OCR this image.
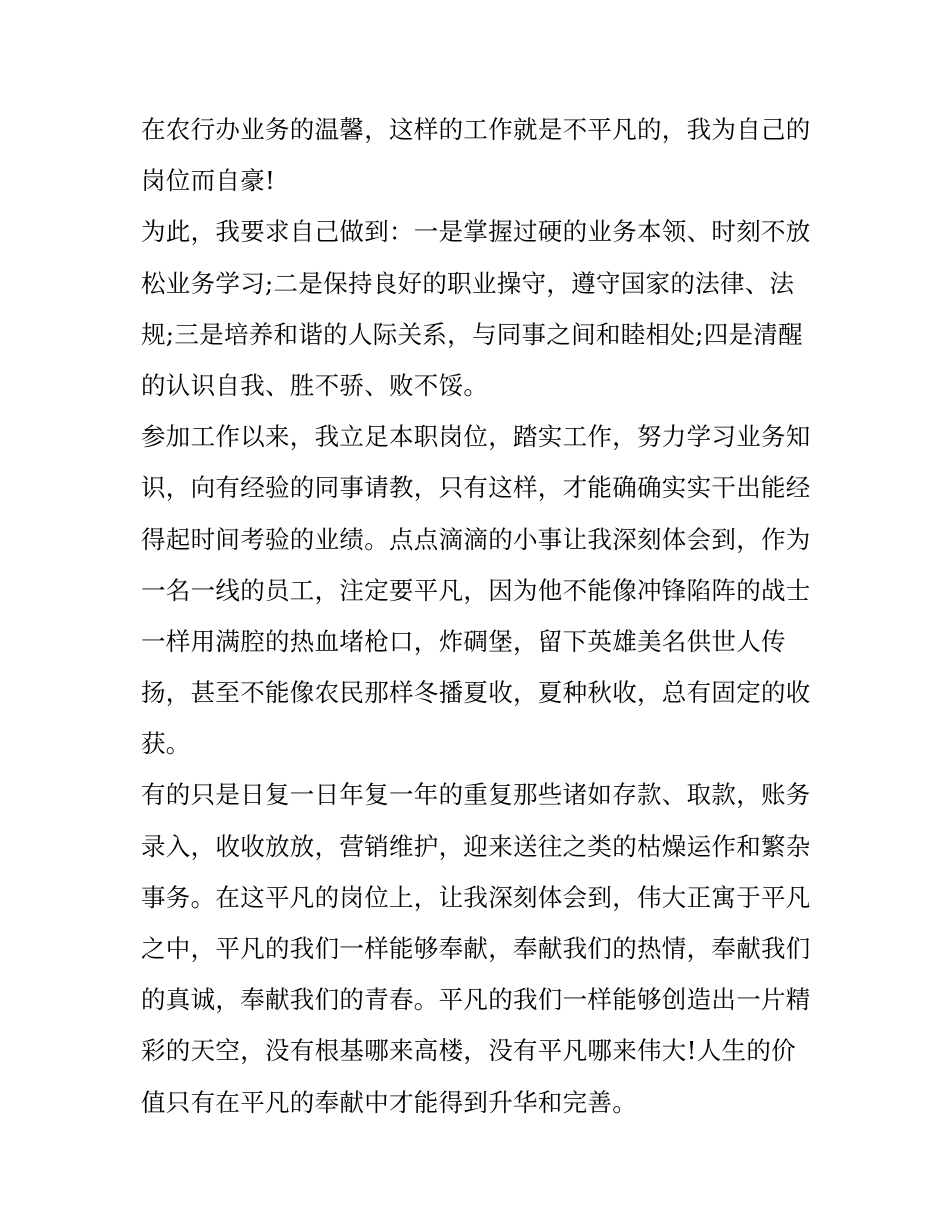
在农行办业务的温馨，这样的工作就是不平凡的，我为自己的
岗位而自豪!
为此，我要求自己做到：一是掌握过硬的业务本领、时刻不放
松业务学习;二是保持良好的职业操守，遵守国家的法律、法
规;三是培养和谐的人际关系，与同事之间和睦相处;四是清醒
的认识自我、胜不骄、败不馁。
参加工作以来，我立足本职岗位，踏实工作，努力学习业务知
识，向有经验的同事请教，只有这样，才能确确实实干出能经
得起时间考验的业绩。点点滴滴的小事让我深刻体会到，作为
一名一线的员工，注定要平凡，因为他不能像冲锋陷阵的战士
一样用满腔的热血堵枪口，炸碉堡，留下英雄美名供世人传
扬，甚至不能像农民那样冬播夏收，夏种秋收，总有固定的收
获。
有的只是日复一日年复一年的重复那些诸如存款、取款，账务
录入，收收放放，营销维护，迎来送往之类的枯燥运作和繁杂
事务。在这平凡的岗位上，让我深刻体会到，伟大正寓于平凡
之中，平凡的我们一样能够奉献，奉献我们的热情，奉献我们
的真诚，奉献我们的青春。平凡的我们一样能够创造出一片精
彩的天空，没有根基哪来高楼，没有平凡哪来伟大!人生的价
值只有在平凡的奉献中才能得到升华和完善。
